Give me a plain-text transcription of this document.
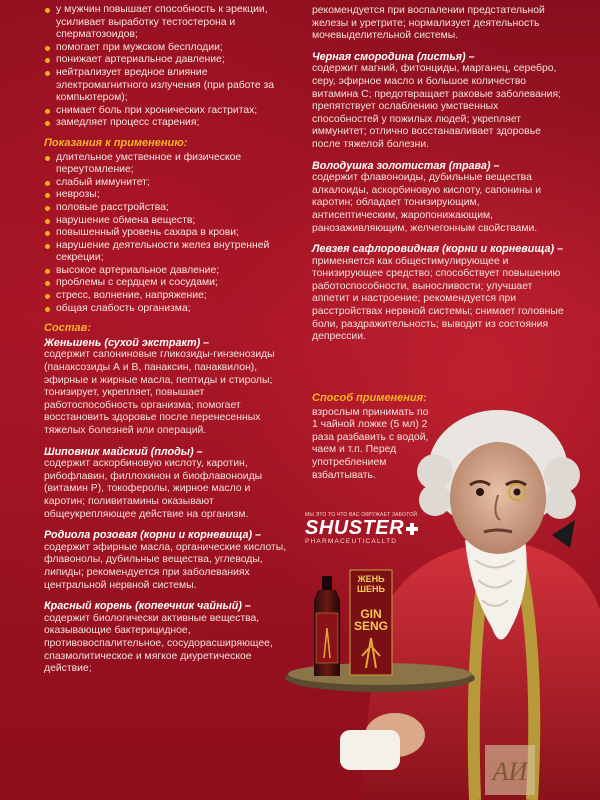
у мужчин повышает способность к эрекции, усиливает выработку тестостерона и сперматозоидов;
помогает при мужском бесплодии;
понижает артериальное давление;
нейтрализует вредное влияние электромагнитного излучения (при работе за компьютером);
снимает боль при хронических гастритах;
замедляет процесс старения;
Показания к применению:
длительное умственное и физическое переутомление;
слабый иммунитет;
неврозы;
половые расстройства;
нарушение обмена веществ;
повышенный уровень сахара в крови;
нарушение деятельности желез внутренней секреции;
высокое артериальное давление;
проблемы с сердцем и сосудами;
стресс, волнение, напряжение;
общая слабость организма;
Состав:
Женьшень (сухой экстракт) –
содержит сапониновые гликозиды-гинзенозиды (панаксозиды А и В, панаксин, панаквилон), эфирные и жирные масла, пептиды и стиролы; тонизирует, укрепляет, повышает работоспособность организма; помогает восстановить здоровье после перенесенных тяжелых болезней или операций.
Шиповник майский (плоды) –
содержит аскорбиновую кислоту, каротин, рибофлавин, филлохинон и биофлавоноиды (витамин P), токоферолы, жирное масло и каротин; поливитамины оказывают общеукрепляющее действие на организм.
Родиола розовая (корни и корневища) –
содержит эфирные масла, органические кислоты, флавонолы, дубильные вещества, углеводы, липиды; рекомендуется при заболеваниях центральной нервной системы.
Красный корень (копеечник чайный) –
содержит биологически активные вещества, оказывающие бактерицидное, противовоспалительное, сосудорасширяющее, спазмолитическое и мягкое диуретическое действие;
рекомендуется при воспалении предстательной железы и уретрите; нормализует деятельность мочевыделительной системы.
Черная смородина (листья) –
содержит магний, фитонциды, марганец, серебро, серу, эфирное масло и большое количество витамина С; предотвращает раковые заболевания; препятствует ослаблению умственных способностей у пожилых людей; укрепляет иммунитет; отлично восстанавливает здоровье после тяжелой болезни.
Володушка золотистая (трава) –
содержит флавоноиды, дубильные вещества алкалоиды, аскорбиновую кислоту, сапонины и каротин; обладает тонизирующим, антисептическим, жаропонижающим, ранозаживляющим, желчегонным свойствами.
Левзея сафлоровидная (корни и корневища) –
применяется как общестимулирующее и тонизирующее средство; способствует повышению работоспособности, выносливости; улучшает аппетит и настроение; рекомендуется при расстройствах нервной системы; снимает головные боли, раздражительность; выводит из состояния депрессии.
Способ применения:
взрослым принимать по 1 чайной ложке (5 мл) 2 раза разбавить с водой, чаем и т.п. Перед употреблением взбалтывать.
АИ
ЖЕНЬ
ШЕНЬ
GIN
SENG
МЫ ЭТО ТО ЧТО ВАС ОКРУЖАЕТ ЗАБОТОЙ
SHUSTER
PHARMACEUTICALLTD
